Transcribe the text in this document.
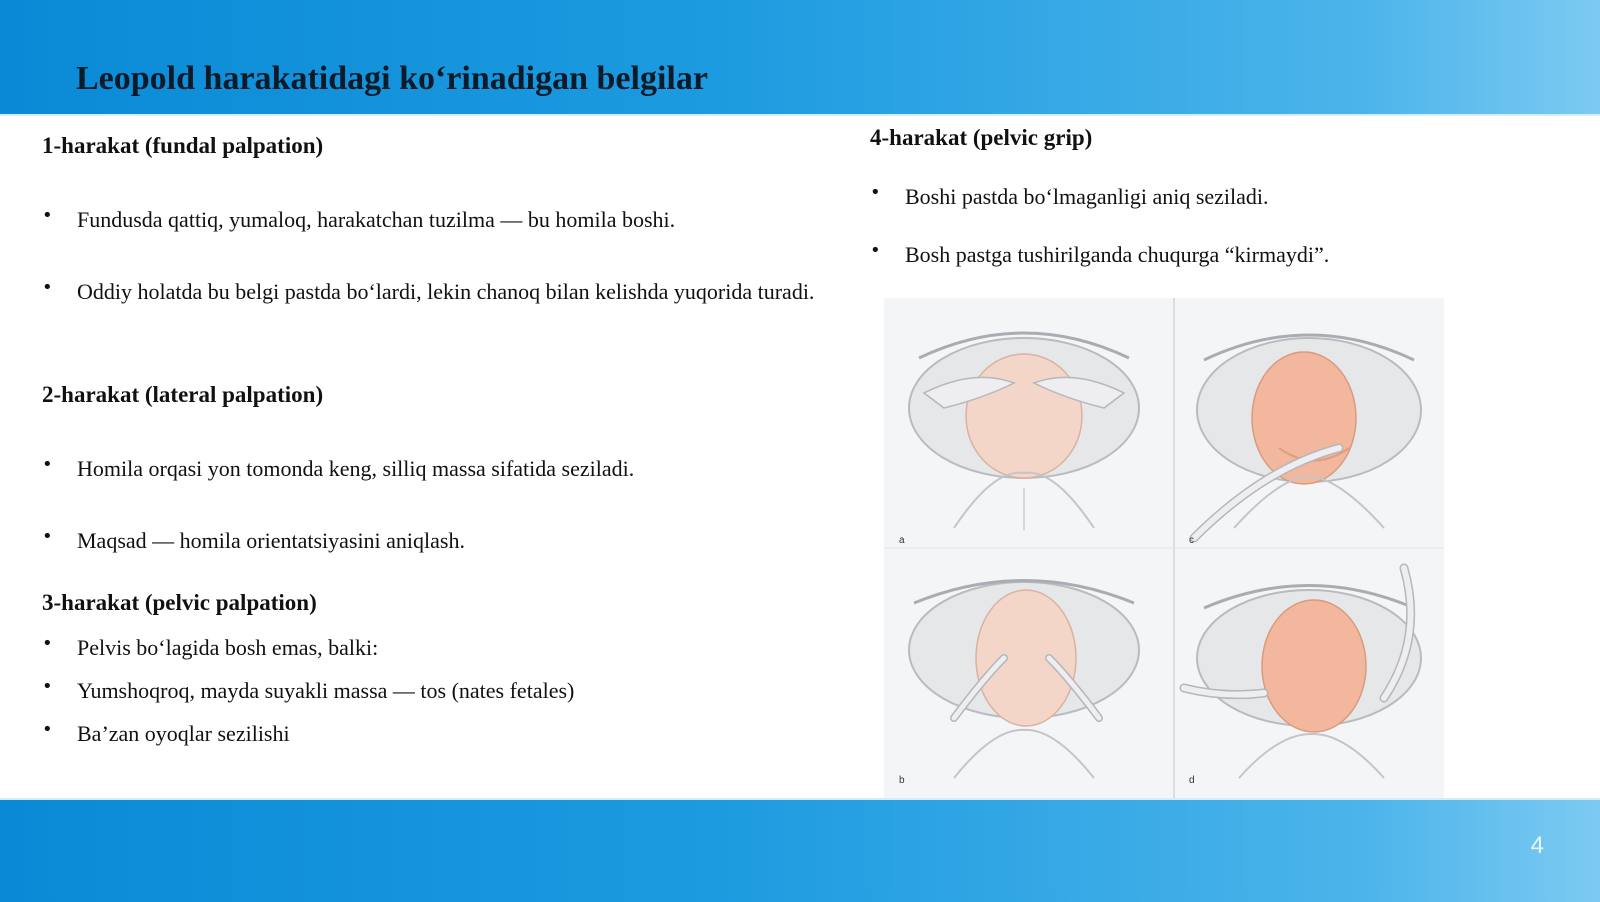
Leopold harakatidagi ko‘rinadigan belgilar
1-harakat (fundal palpation)

• Fundusda qattiq, yumaloq, harakatchan tuzilma — bu homila boshi.

• Oddiy holatda bu belgi pastda bo‘lardi, lekin chanoq bilan kelishda yuqorida turadi.

2-harakat (lateral palpation)

• Homila orqasi yon tomonda keng, silliq massa sifatida seziladi.

• Maqsad — homila orientatsiyasini aniqlash.

3-harakat (pelvic palpation)

• Pelvis bo‘lagida bosh emas, balki:

• Yumshoqroq, mayda suyakli massa — tos (nates fetales)

• Ba’zan oyoqlar sezilishi

4-harakat (pelvic grip)

• Boshi pastda bo‘lmaganligi aniq seziladi.

• Bosh pastga tushirilganda chuqurga “kirmaydi”.

a	c
b	d
4
